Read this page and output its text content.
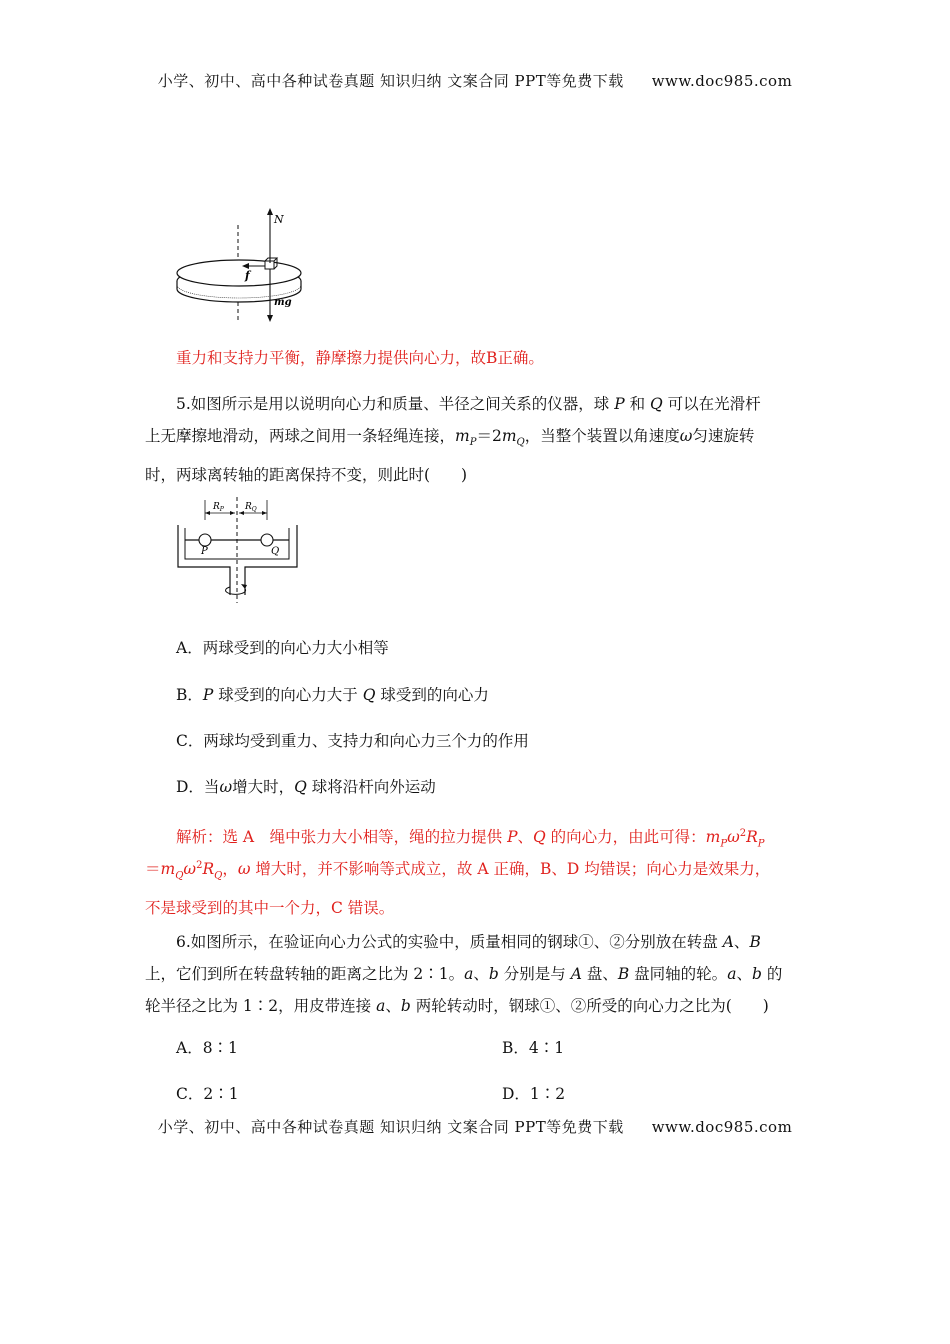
小学、初中、高中各种试卷真题 知识归纳 文案合同 PPT等免费下载 www.doc985.com
N
f
mg
重力和支持力平衡，静摩擦力提供向心力，故B正确。
5.如图所示是用以说明向心力和质量、半径之间关系的仪器，球 P 和 Q 可以在光滑杆
上无摩擦地滑动，两球之间用一条轻绳连接，$m_P=2m_Q$，当整个装置以角速度ω匀速旋转
时，两球离转轴的距离保持不变，则此时(　　)
$R_P$ $R_Q$
P	Q
A．两球受到的向心力大小相等
B．P 球受到的向心力大于 Q 球受到的向心力
C．两球均受到重力、支持力和向心力三个力的作用
D．当ω增大时，Q 球将沿杆向外运动
解析：选 A　绳中张力大小相等，绳的拉力提供 P、Q 的向心力，由此可得：$m_P\omega^2R_P$
$=m_Q\omega^2R_Q$，ω 增大时，并不影响等式成立，故 A 正确，B、D 均错误；向心力是效果力，
不是球受到的其中一个力，C 错误。
6.如图所示，在验证向心力公式的实验中，质量相同的钢球①、②分别放在转盘 A、B
上，它们到所在转盘转轴的距离之比为 2∶1。a、b 分别是与 A 盘、B 盘同轴的轮。a、b 的
轮半径之比为 1∶2，用皮带连接 a、b 两轮转动时，钢球①、②所受的向心力之比为(　　)
A．8∶1	B．4∶1
C．2∶1	D．1∶2
小学、初中、高中各种试卷真题 知识归纳 文案合同 PPT等免费下载 www.doc985.com
